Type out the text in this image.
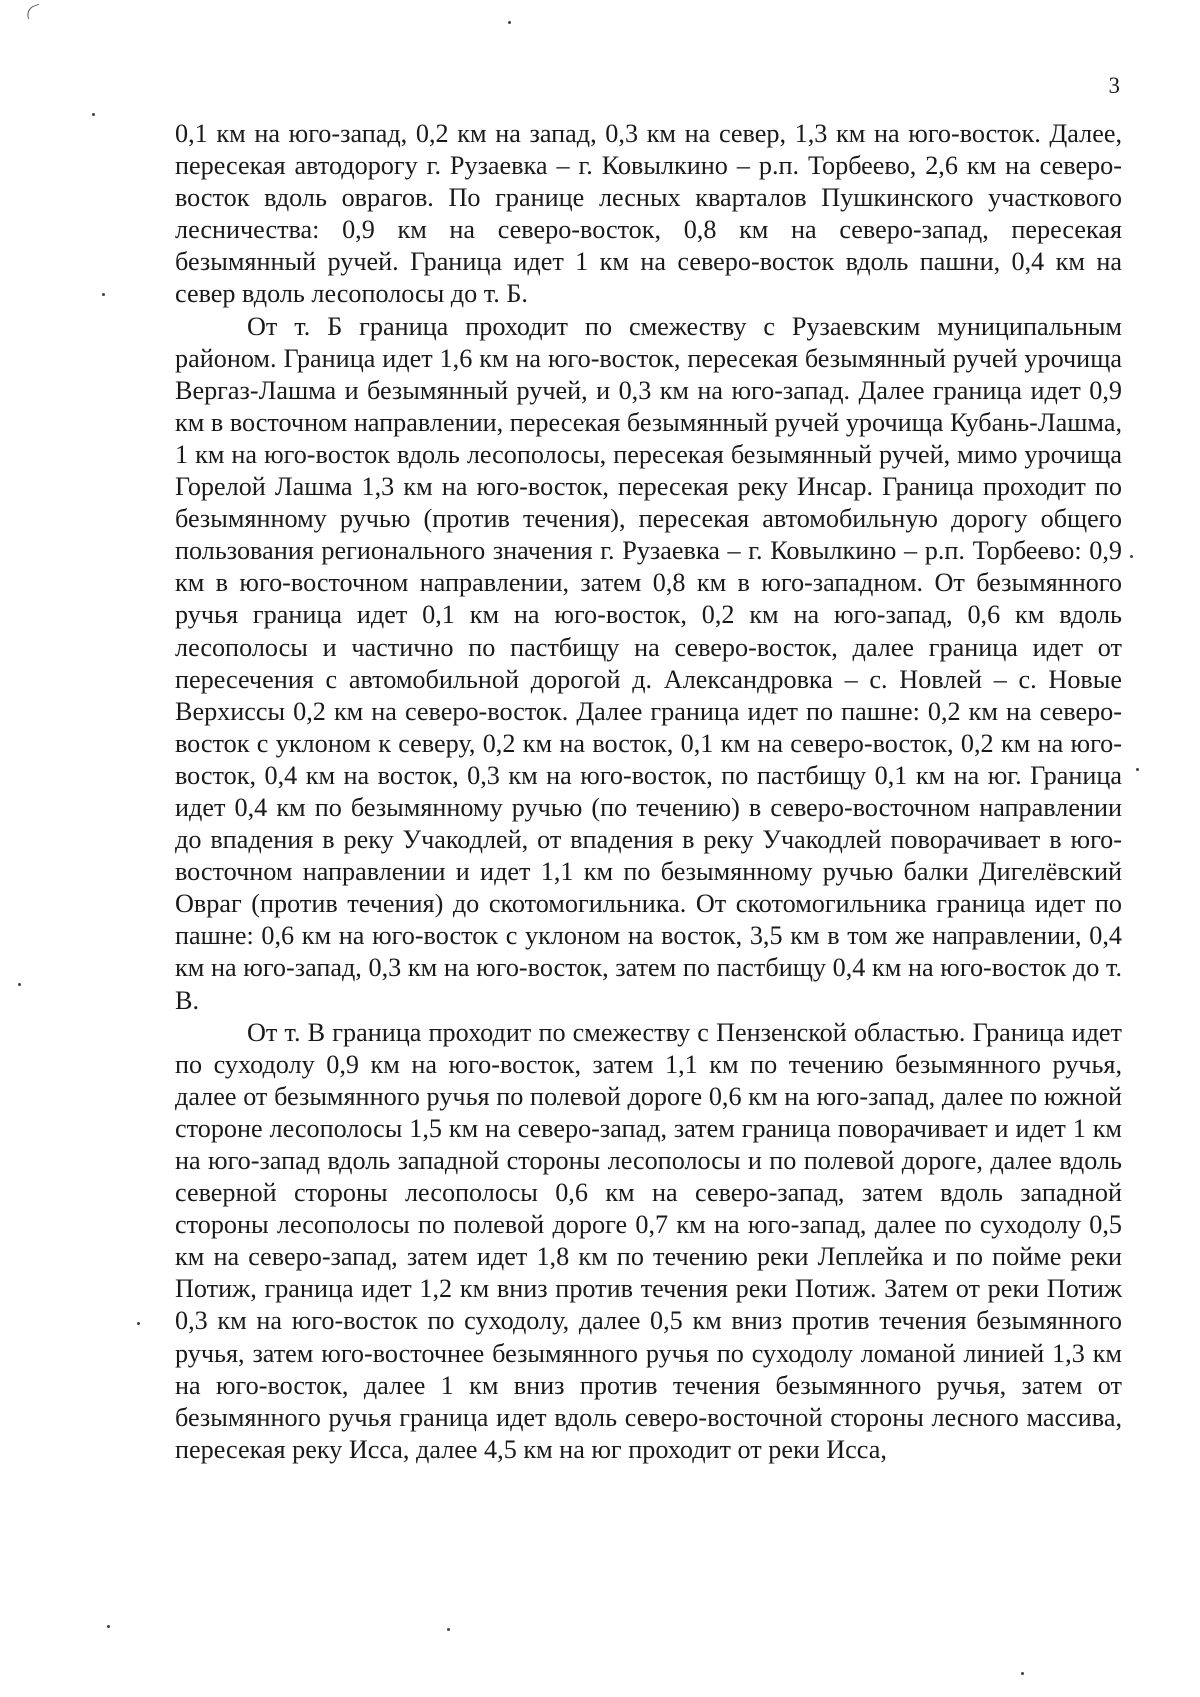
3

0,1 км на юго-запад, 0,2 км на запад, 0,3 км на север, 1,3 км на юго-восток. Далее, пересекая автодорогу г. Рузаевка – г. Ковылкино – р.п. Торбеево, 2,6 км на северо-восток вдоль оврагов. По границе лесных кварталов Пушкинского участкового лесничества: 0,9 км на северо-восток, 0,8 км на северо-запад, пересекая безымянный ручей. Граница идет 1 км на северо-восток вдоль пашни, 0,4 км на север вдоль лесополосы до т. Б.

От т. Б граница проходит по смежеству с Рузаевским муниципальным районом. Граница идет 1,6 км на юго-восток, пересекая безымянный ручей урочища Вергаз-Лашма и безымянный ручей, и 0,3 км на юго-запад. Далее граница идет 0,9 км в восточном направлении, пересекая безымянный ручей урочища Кубань-Лашма, 1 км на юго-восток вдоль лесополосы, пересекая безымянный ручей, мимо урочища Горелой Лашма 1,3 км на юго-восток, пересекая реку Инсар. Граница проходит по безымянному ручью (против течения), пересекая автомобильную дорогу общего пользования регионального значения г. Рузаевка – г. Ковылкино – р.п. Торбеево: 0,9 км в юго-восточном направлении, затем 0,8 км в юго-западном. От безымянного ручья граница идет 0,1 км на юго-восток, 0,2 км на юго-запад, 0,6 км вдоль лесополосы и частично по пастбищу на северо-восток, далее граница идет от пересечения с автомобильной дорогой д. Александровка – с. Новлей – с. Новые Верхиссы 0,2 км на северо-восток. Далее граница идет по пашне: 0,2 км на северо-восток с уклоном к северу, 0,2 км на восток, 0,1 км на северо-восток, 0,2 км на юго-восток, 0,4 км на восток, 0,3 км на юго-восток, по пастбищу 0,1 км на юг. Граница идет 0,4 км по безымянному ручью (по течению) в северо-восточном направлении до впадения в реку Учакодлей, от впадения в реку Учакодлей поворачивает в юго-восточном направлении и идет 1,1 км по безымянному ручью балки Дигелёвский Овраг (против течения) до скотомогильника. От скотомогильника граница идет по пашне: 0,6 км на юго-восток с уклоном на восток, 3,5 км в том же направлении, 0,4 км на юго-запад, 0,3 км на юго-восток, затем по пастбищу 0,4 км на юго-восток до т. В.

От т. В граница проходит по смежеству с Пензенской областью. Граница идет по суходолу 0,9 км на юго-восток, затем 1,1 км по течению безымянного ручья, далее от безымянного ручья по полевой дороге 0,6 км на юго-запад, далее по южной стороне лесополосы 1,5 км на северо-запад, затем граница поворачивает и идет 1 км на юго-запад вдоль западной стороны лесополосы и по полевой дороге, далее вдоль северной стороны лесополосы 0,6 км на северо-запад, затем вдоль западной стороны лесополосы по полевой дороге 0,7 км на юго-запад, далее по суходолу 0,5 км на северо-запад, затем идет 1,8 км по течению реки Леплейка и по пойме реки Потиж, граница идет 1,2 км вниз против течения реки Потиж. Затем от реки Потиж 0,3 км на юго-восток по суходолу, далее 0,5 км вниз против течения безымянного ручья, затем юго-восточнее безымянного ручья по суходолу ломаной линией 1,3 км на юго-восток, далее 1 км вниз против течения безымянного ручья, затем от безымянного ручья граница идет вдоль северо-восточной стороны лесного массива, пересекая реку Исса, далее 4,5 км на юг проходит от реки Исса,
